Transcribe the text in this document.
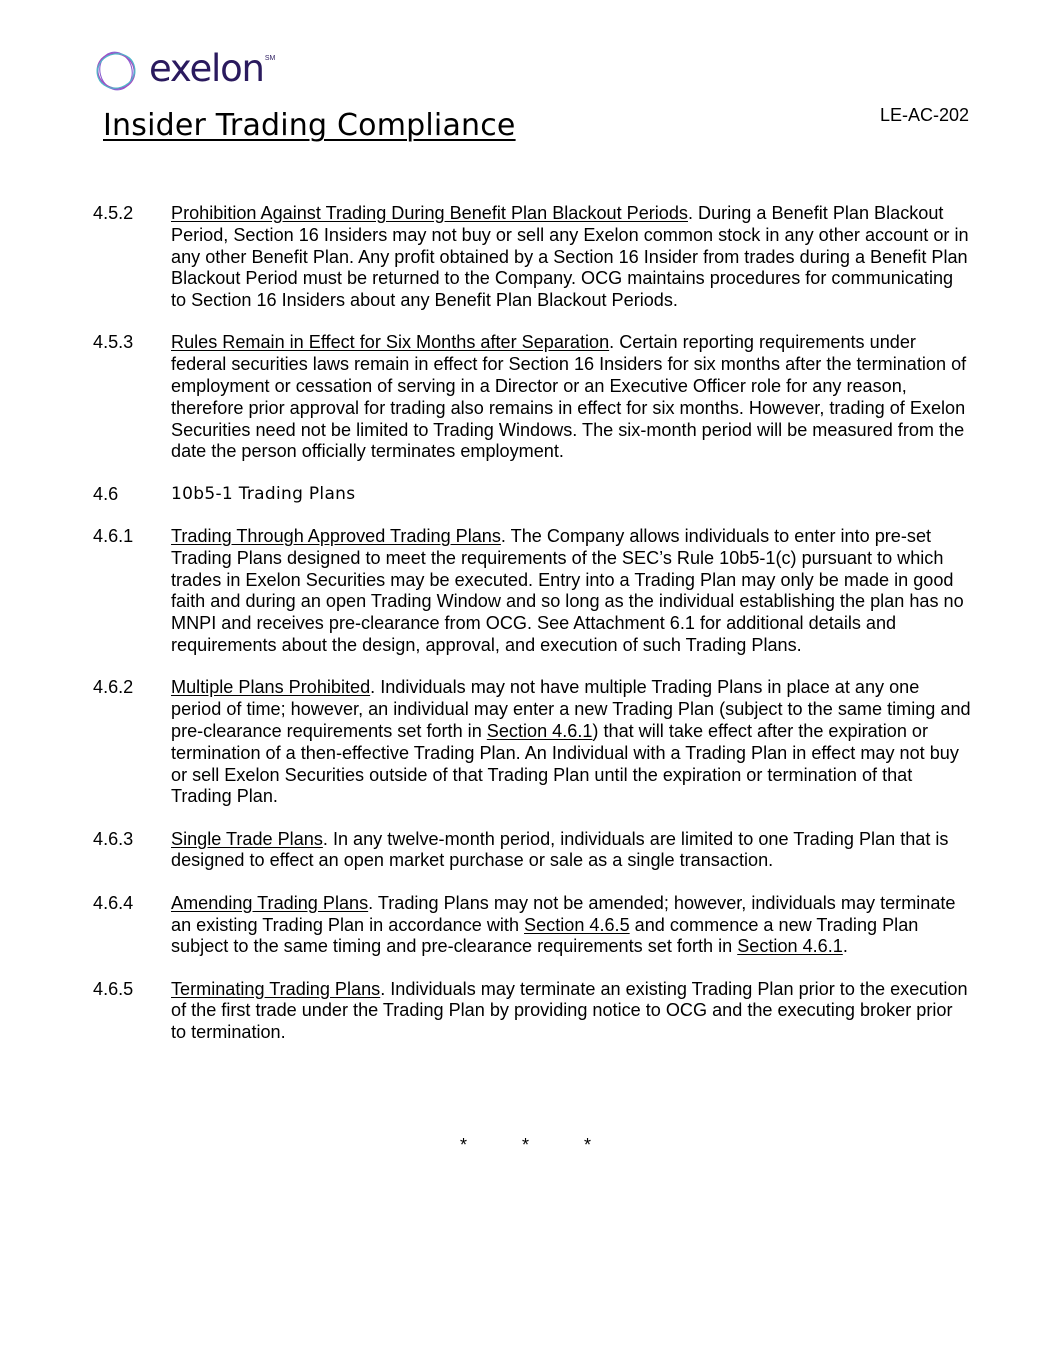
exelon SM
Insider Trading Compliance	LE-AC-202
4.5.2	Prohibition Against Trading During Benefit Plan Blackout Periods. During a Benefit Plan Blackout Period, Section 16 Insiders may not buy or sell any Exelon common stock in any other account or in any other Benefit Plan. Any profit obtained by a Section 16 Insider from trades during a Benefit Plan Blackout Period must be returned to the Company. OCG maintains procedures for communicating to Section 16 Insiders about any Benefit Plan Blackout Periods.
4.5.3	Rules Remain in Effect for Six Months after Separation. Certain reporting requirements under federal securities laws remain in effect for Section 16 Insiders for six months after the termination of employment or cessation of serving in a Director or an Executive Officer role for any reason, therefore prior approval for trading also remains in effect for six months. However, trading of Exelon Securities need not be limited to Trading Windows. The six-month period will be measured from the date the person officially terminates employment.
4.6	10b5-1 Trading Plans
4.6.1	Trading Through Approved Trading Plans. The Company allows individuals to enter into pre-set Trading Plans designed to meet the requirements of the SEC’s Rule 10b5-1(c) pursuant to which trades in Exelon Securities may be executed. Entry into a Trading Plan may only be made in good faith and during an open Trading Window and so long as the individual establishing the plan has no MNPI and receives pre-clearance from OCG. See Attachment 6.1 for additional details and requirements about the design, approval, and execution of such Trading Plans.
4.6.2	Multiple Plans Prohibited. Individuals may not have multiple Trading Plans in place at any one period of time; however, an individual may enter a new Trading Plan (subject to the same timing and pre-clearance requirements set forth in Section 4.6.1) that will take effect after the expiration or termination of a then-effective Trading Plan. An Individual with a Trading Plan in effect may not buy or sell Exelon Securities outside of that Trading Plan until the expiration or termination of that Trading Plan.
4.6.3	Single Trade Plans. In any twelve-month period, individuals are limited to one Trading Plan that is designed to effect an open market purchase or sale as a single transaction.
4.6.4	Amending Trading Plans. Trading Plans may not be amended; however, individuals may terminate an existing Trading Plan in accordance with Section 4.6.5 and commence a new Trading Plan subject to the same timing and pre-clearance requirements set forth in Section 4.6.1.
4.6.5	Terminating Trading Plans. Individuals may terminate an existing Trading Plan prior to the execution of the first trade under the Trading Plan by providing notice to OCG and the executing broker prior to termination.
*	*	*
